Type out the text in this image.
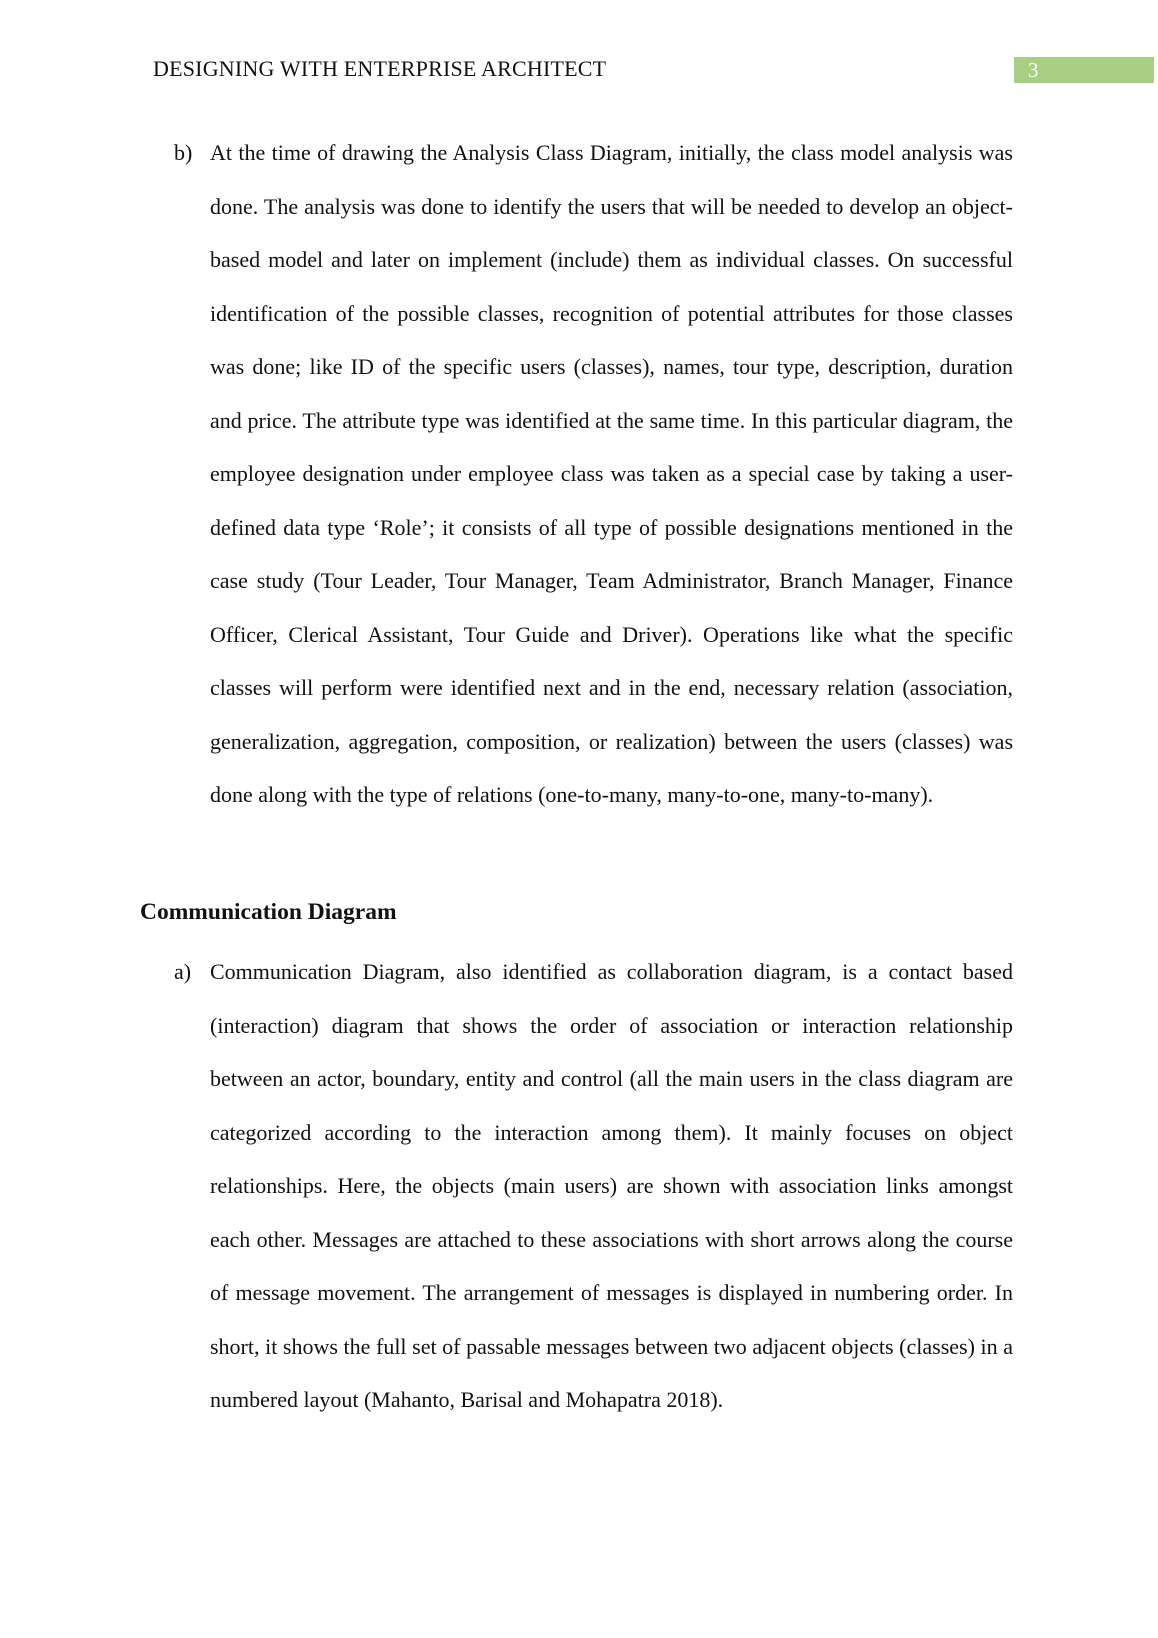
DESIGNING WITH ENTERPRISE ARCHITECT	3
b) At the time of drawing the Analysis Class Diagram, initially, the class model analysis was done. The analysis was done to identify the users that will be needed to develop an object-based model and later on implement (include) them as individual classes. On successful identification of the possible classes, recognition of potential attributes for those classes was done; like ID of the specific users (classes), names, tour type, description, duration and price. The attribute type was identified at the same time. In this particular diagram, the employee designation under employee class was taken as a special case by taking a user-defined data type ‘Role’; it consists of all type of possible designations mentioned in the case study (Tour Leader, Tour Manager, Team Administrator, Branch Manager, Finance Officer, Clerical Assistant, Tour Guide and Driver). Operations like what the specific classes will perform were identified next and in the end, necessary relation (association, generalization, aggregation, composition, or realization) between the users (classes) was done along with the type of relations (one-to-many, many-to-one, many-to-many).

Communication Diagram
a) Communication Diagram, also identified as collaboration diagram, is a contact based (interaction) diagram that shows the order of association or interaction relationship between an actor, boundary, entity and control (all the main users in the class diagram are categorized according to the interaction among them). It mainly focuses on object relationships. Here, the objects (main users) are shown with association links amongst each other. Messages are attached to these associations with short arrows along the course of message movement. The arrangement of messages is displayed in numbering order. In short, it shows the full set of passable messages between two adjacent objects (classes) in a numbered layout (Mahanto, Barisal and Mohapatra 2018).
